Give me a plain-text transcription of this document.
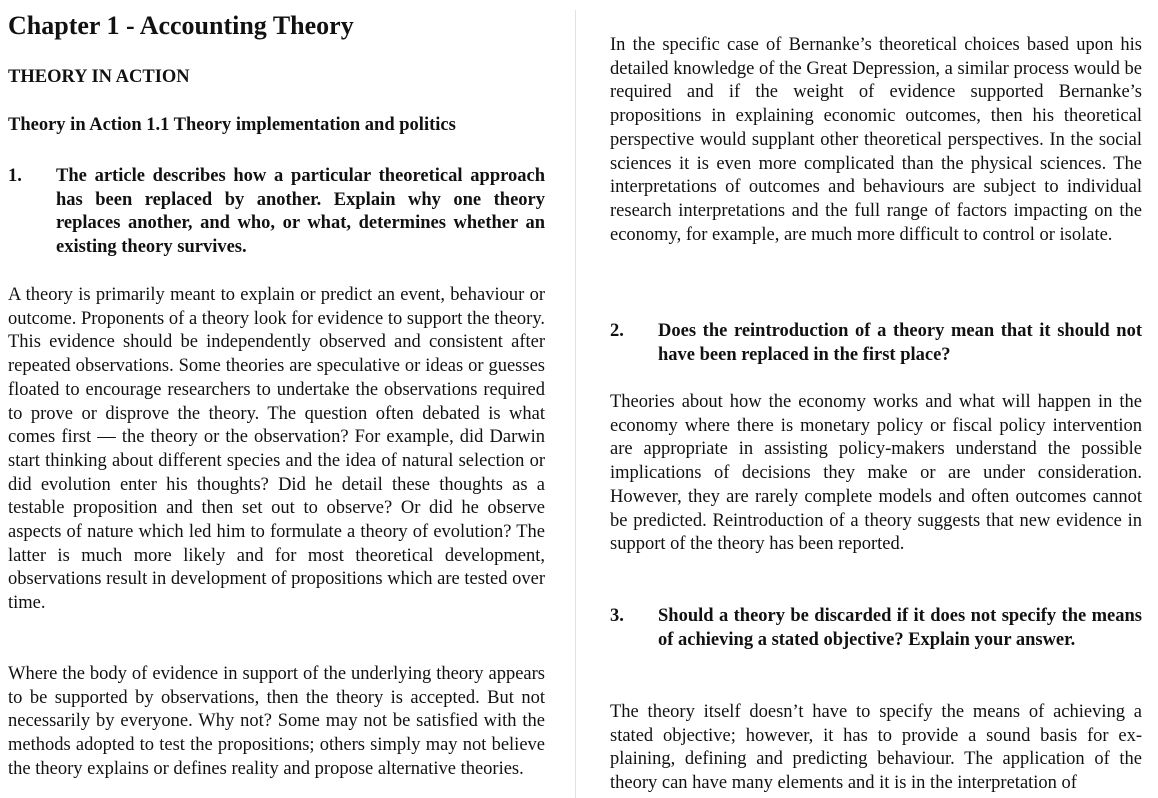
Chapter 1 - Accounting Theory
THEORY IN ACTION
Theory in Action 1.1 Theory implementation and politics
1. The article describes how a particular theoretical approach has been replaced by another. Explain why one theory replaces another, and who, or what, determines whether an existing theory survives.

A theory is primarily meant to explain or predict an event, behaviour or outcome. Proponents of a theory look for evidence to support the theory. This evidence should be independently observed and consistent after repeated observations. Some theories are speculative or ideas or guesses floated to encourage researchers to undertake the observations required to prove or disprove the theory. The question often debated is what comes first — the theory or the observation? For example, did Darwin start thinking about different species and the idea of natural selection or did evolution enter his thoughts? Did he detail these thoughts as a testable proposition and then set out to observe? Or did he observe aspects of nature which led him to formulate a theory of evolution? The latter is much more likely and for most theoretical development, observations result in development of propositions which are tested over time.

Where the body of evidence in support of the underlying theory appears to be supported by observations, then the theory is accepted. But not necessarily by everyone. Why not? Some may not be satisfied with the methods adopted to test the propositions; others simply may not believe the theory explains or defines reality and propose alternative theories.

In the specific case of Bernanke’s theoretical choices based upon his detailed knowledge of the Great Depression, a similar process would be required and if the weight of evidence supported Bernanke’s propositions in explaining economic outcomes, then his theoretical perspective would supplant other theoretical perspectives. In the social sciences it is even more complicated than the physical sciences. The interpretations of outcomes and behaviours are subject to individual research interpretations and the full range of factors impacting on the economy, for example, are much more difficult to control or isolate.

2. Does the reintroduction of a theory mean that it should not have been replaced in the first place?

Theories about how the economy works and what will happen in the economy where there is monetary policy or fiscal policy intervention are appropriate in assisting policy-makers understand the possible implications of decisions they make or are under consideration. However, they are rarely complete models and often outcomes cannot be predicted. Reintroduction of a theory suggests that new evidence in support of the theory has been reported.

3. Should a theory be discarded if it does not specify the means of achieving a stated objective? Explain your answer.

The theory itself doesn’t have to specify the means of achieving a stated objective; however, it has to provide a sound basis for explaining, defining and predicting behaviour. The application of the theory can have many elements and it is in the interpretation of
